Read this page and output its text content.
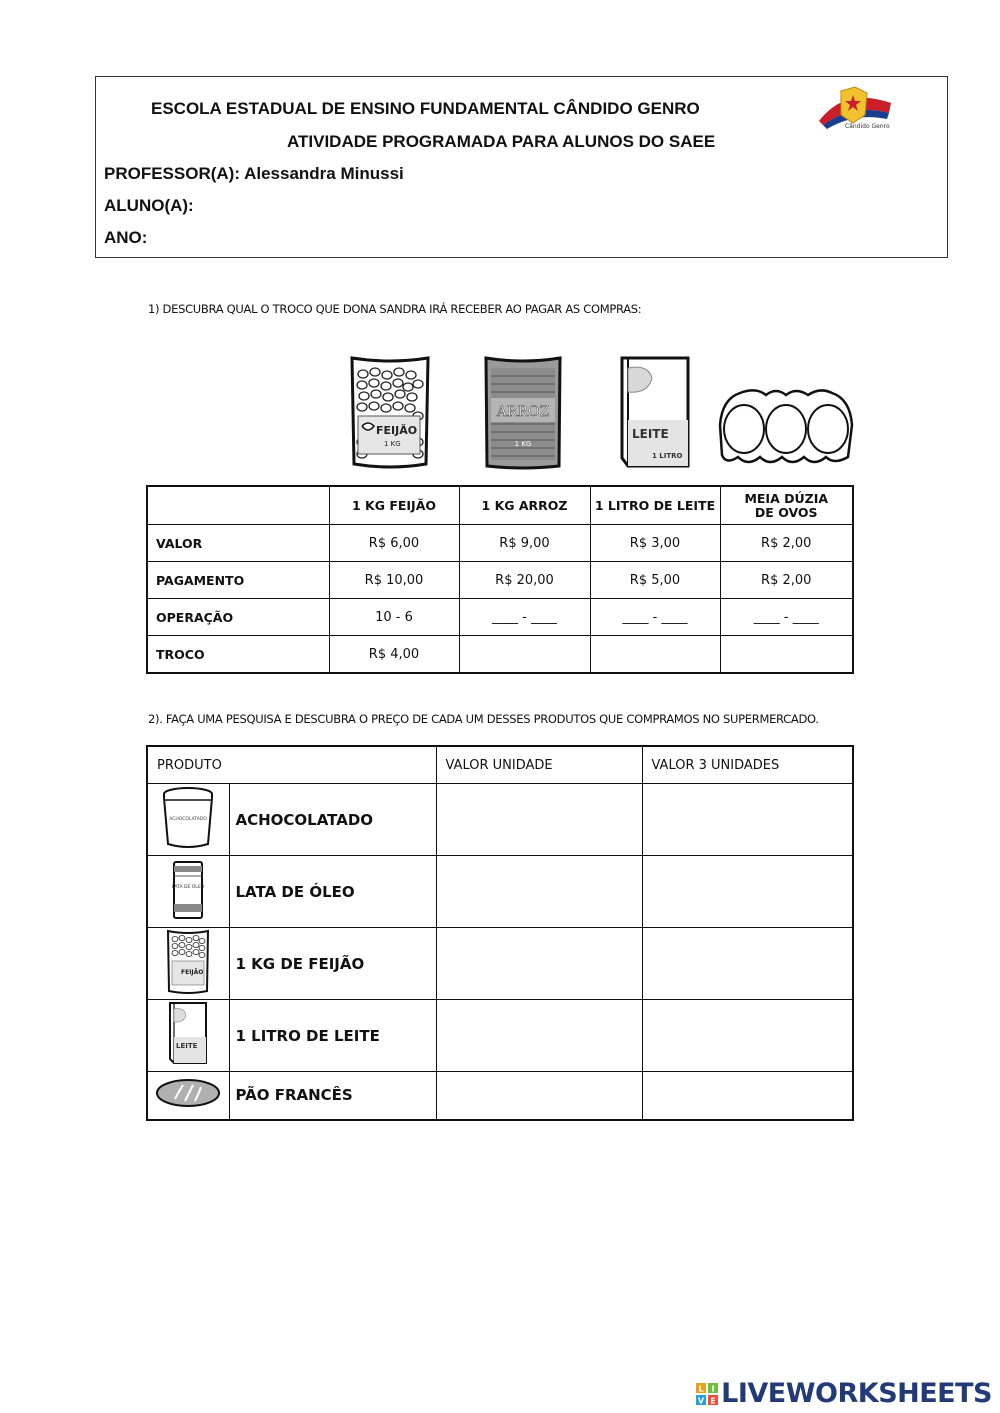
ESCOLA ESTADUAL DE ENSINO FUNDAMENTAL CÂNDIDO GENRO
ATIVIDADE PROGRAMADA PARA ALUNOS DO SAEE
PROFESSOR(A): Alessandra Minussi
ALUNO(A):
ANO:
Cândido Genro
1) DESCUBRA QUAL O TROCO QUE DONA SANDRA IRÁ RECEBER AO PAGAR AS COMPRAS:
FEIJÃO
1 KG
ARROZ
1 KG
LEITE
1 LITRO
	1 KG FEIJÃO	1 KG ARROZ	1 LITRO DE LEITE	MEIA DÚZIA DE OVOS
VALOR	R$ 6,00	R$ 9,00	R$ 3,00	R$ 2,00
PAGAMENTO	R$ 10,00	R$ 20,00	R$ 5,00	R$ 2,00
OPERAÇÃO	10 - 6	____ - ____	____ - ____	____ - ____
TROCO	R$ 4,00			
2). FAÇA UMA PESQUISA E DESCUBRA O PREÇO DE CADA UM DESSES PRODUTOS QUE COMPRAMOS NO SUPERMERCADO.
PRODUTO		VALOR UNIDADE	VALOR 3 UNIDADES

ACHOCOLATADO	ACHOCOLATADO		

LATA DE ÓLEO	LATA DE ÓLEO		

FEIJÃO	1 KG DE FEIJÃO		

LEITE	1 LITRO DE LEITE		
	PÃO FRANCÊS		
L I
V E LIVEWORKSHEETS
